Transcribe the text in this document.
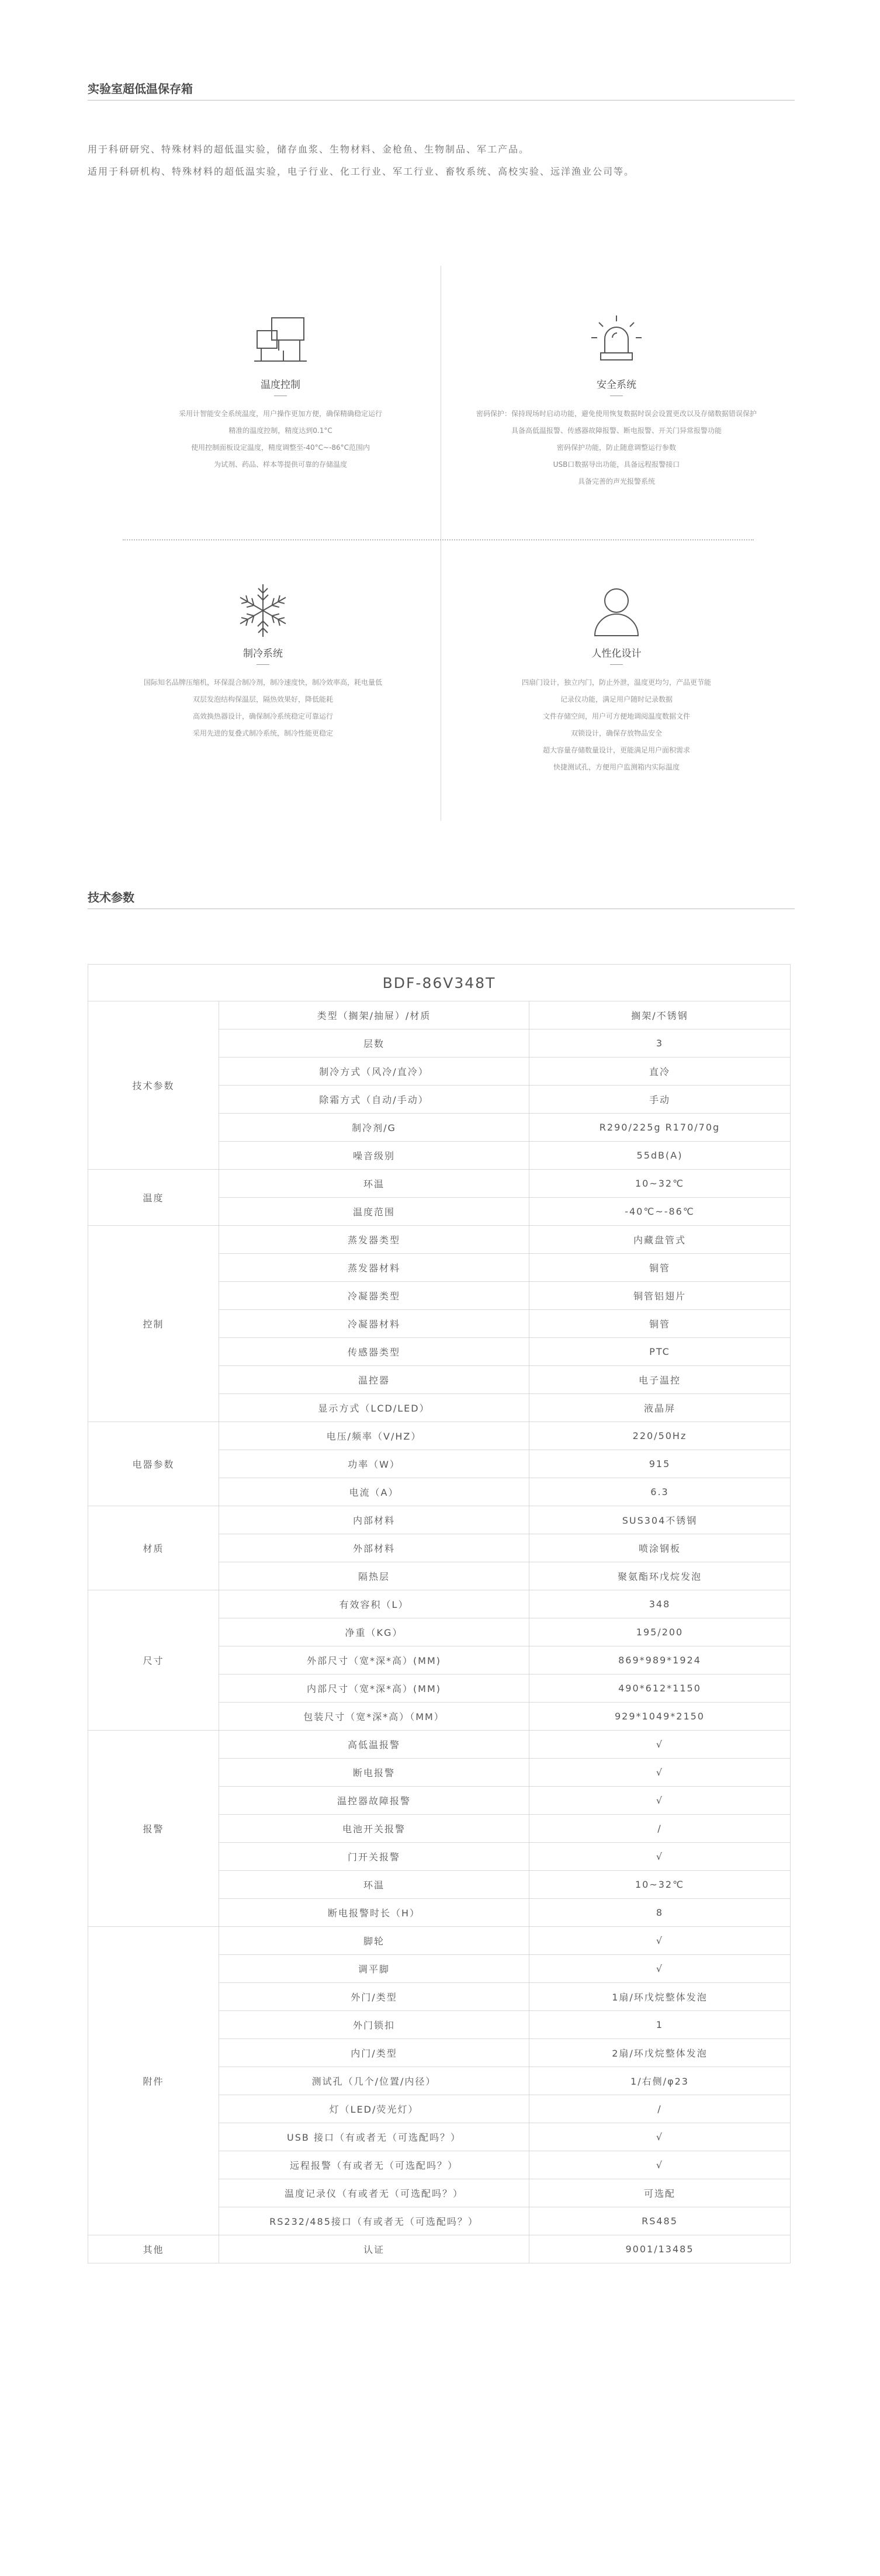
实验室超低温保存箱
用于科研研究、特殊材料的超低温实验，储存血浆、生物材料、金枪鱼、生物制品、军工产品。
适用于科研机构、特殊材料的超低温实验，电子行业、化工行业、军工行业、畜牧系统、高校实验、远洋渔业公司等。
温度控制
采用计智能安全系统温度，用户操作更加方便，确保精确稳定运行
精准的温度控制，精度达到0.1°C
使用控制面板设定温度，精度调整至-40°C~-86°C范围内
为试剂、药品、样本等提供可靠的存储温度
安全系统
密码保护：保持现场时启动功能，避免使用恢复数据时误会设置更改以及存储数据错误保护
具备高低温报警、传感器故障报警、断电报警、开关门异常报警功能
密码保护功能，防止随意调整运行参数
USB口数据导出功能，具备远程报警接口
具备完善的声光报警系统
制冷系统
国际知名品牌压缩机，环保混合制冷剂，制冷速度快，制冷效率高，耗电量低
双层发泡结构保温层，隔热效果好，降低能耗
高效换热器设计，确保制冷系统稳定可靠运行
采用先进的复叠式制冷系统，制冷性能更稳定
人性化设计
四扇门设计，独立内门，防止外泄，温度更均匀，产品更节能
记录仪功能，满足用户随时记录数据
文件存储空间，用户可方便地调阅温度数据文件
双锁设计，确保存放物品安全
超大容量存储数量设计，更能满足用户面积需求
快捷测试孔，方便用户监测箱内实际温度
技术参数
BDF-86V348T		
技术参数	类型（搁架/抽屉）/材质	搁架/不锈钢
	层数	3
	制冷方式（风冷/直冷）	直冷
	除霜方式（自动/手动）	手动
	制冷剂/G	R290/225g R170/70g
	噪音级别	55dB(A)
温度	环温	10~32℃
	温度范围	-40℃~-86℃
控制	蒸发器类型	内藏盘管式
	蒸发器材料	铜管
	冷凝器类型	铜管铝翅片
	冷凝器材料	铜管
	传感器类型	PTC
	温控器	电子温控
	显示方式（LCD/LED）	液晶屏
电器参数	电压/频率（V/HZ）	220/50Hz
	功率（W）	915
	电流（A）	6.3
材质	内部材料	SUS304不锈钢
	外部材料	喷涂钢板
	隔热层	聚氨酯环戊烷发泡
尺寸	有效容积（L）	348
	净重（KG）	195/200
	外部尺寸（宽*深*高）(MM)	869*989*1924
	内部尺寸（宽*深*高）(MM)	490*612*1150
	包装尺寸（宽*深*高）（MM）	929*1049*2150
报警	高低温报警	√
	断电报警	√
	温控器故障报警	√
	电池开关报警	/
	门开关报警	√
	环温	10~32℃
	断电报警时长（H）	8
附件	脚轮	√
	调平脚	√
	外门/类型	1扇/环戊烷整体发泡
	外门锁扣	1
	内门/类型	2扇/环戊烷整体发泡
	测试孔（几个/位置/内径）	1/右侧/φ23
	灯（LED/荧光灯）	/
	USB 接口（有或者无（可选配吗？）	√
	远程报警（有或者无（可选配吗？）	√
	温度记录仪（有或者无（可选配吗？）	可选配
	RS232/485接口（有或者无（可选配吗？）	RS485
其他	认证	9001/13485
